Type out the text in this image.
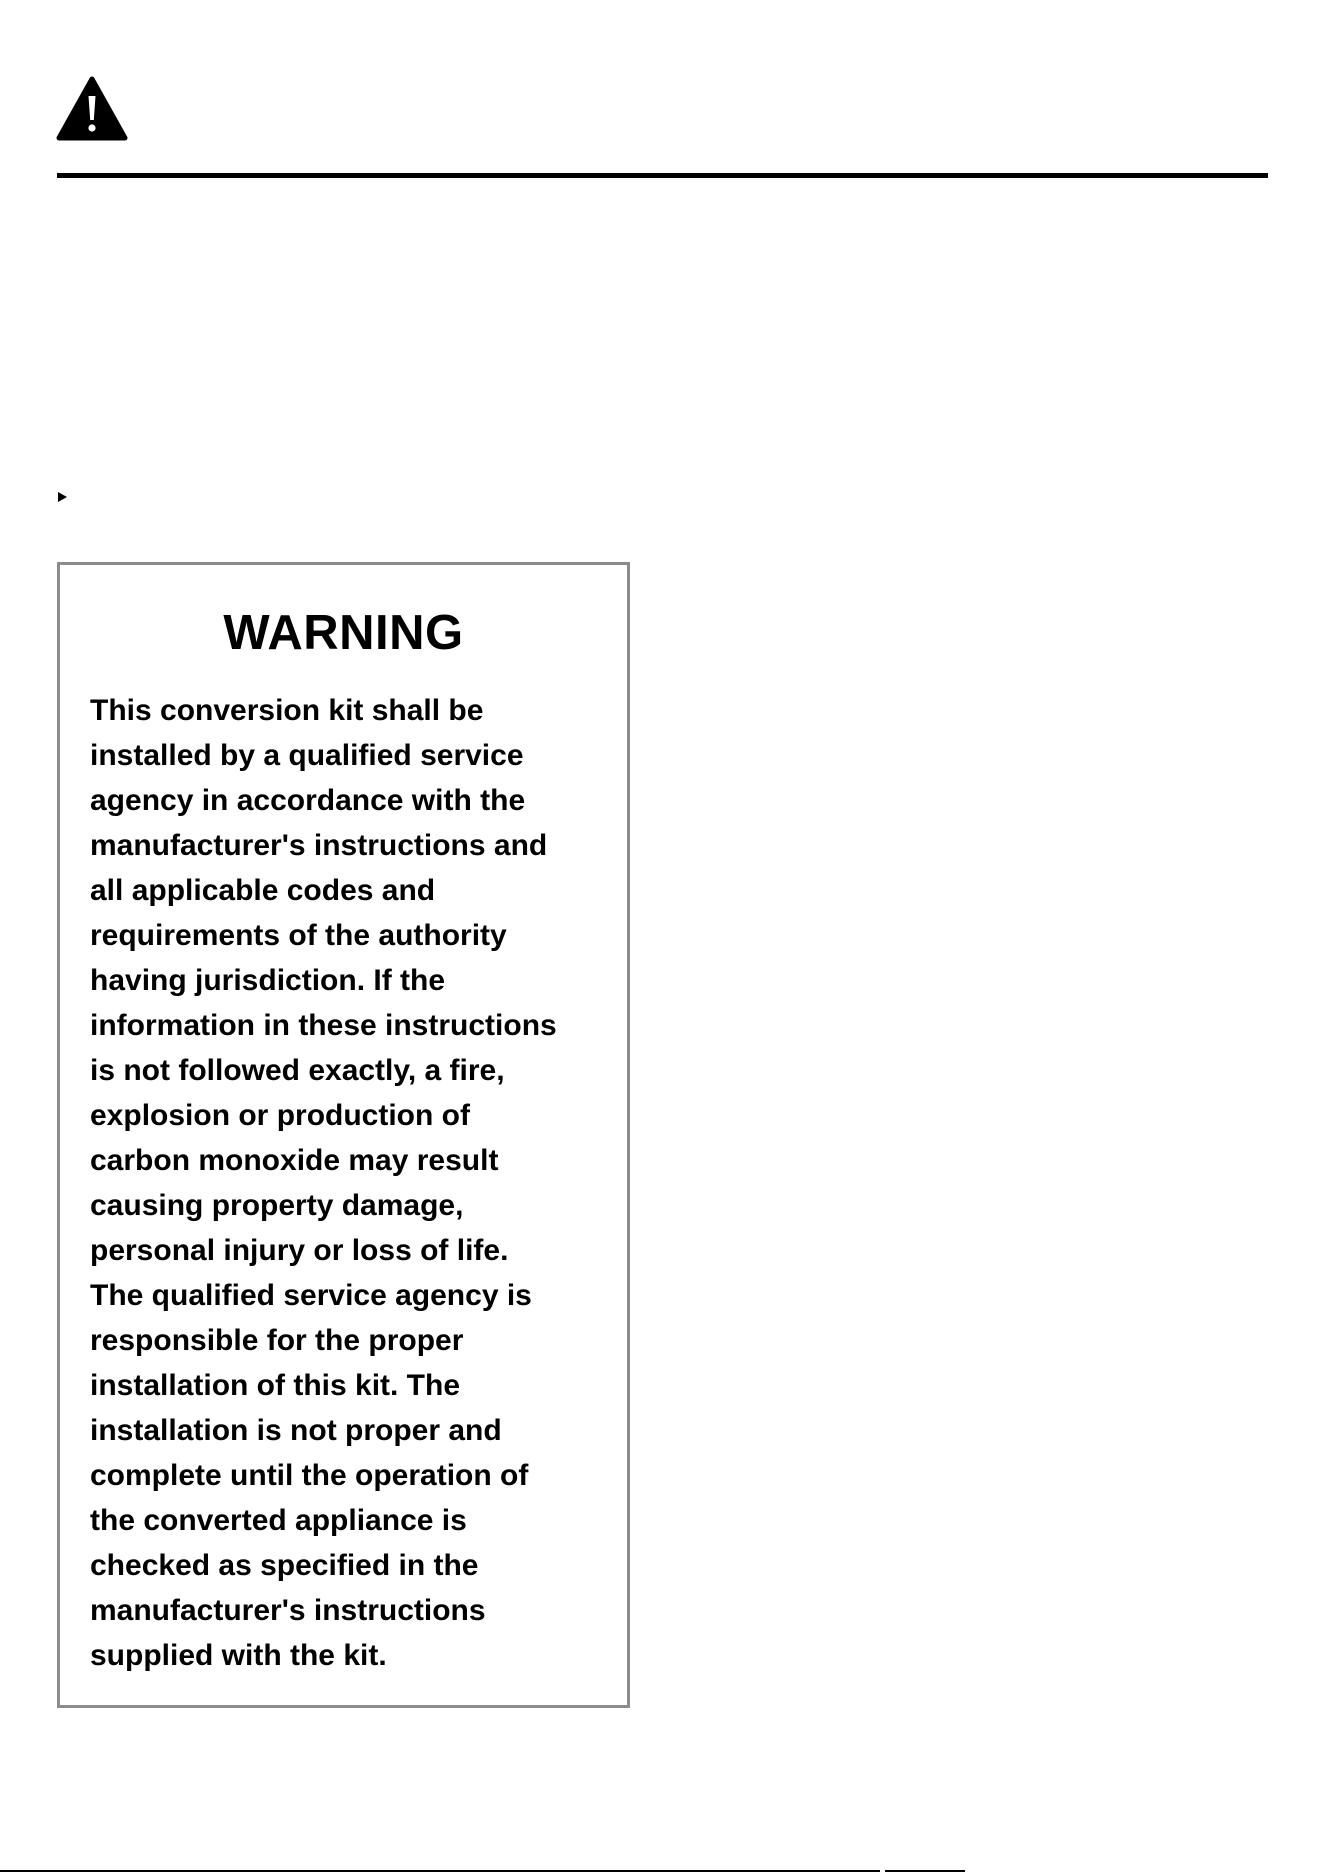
WARNING

This conversion kit shall be
installed by a qualified service
agency in accordance with the
manufacturer's instructions and
all applicable codes and
requirements of the authority
having jurisdiction. If the
information in these instructions
is not followed exactly, a fire,
explosion or production of
carbon monoxide may result
causing property damage,
personal injury or loss of life.
The qualified service agency is
responsible for the proper
installation of this kit. The
installation is not proper and
complete until the operation of
the converted appliance is
checked as specified in the
manufacturer's instructions
supplied with the kit.
